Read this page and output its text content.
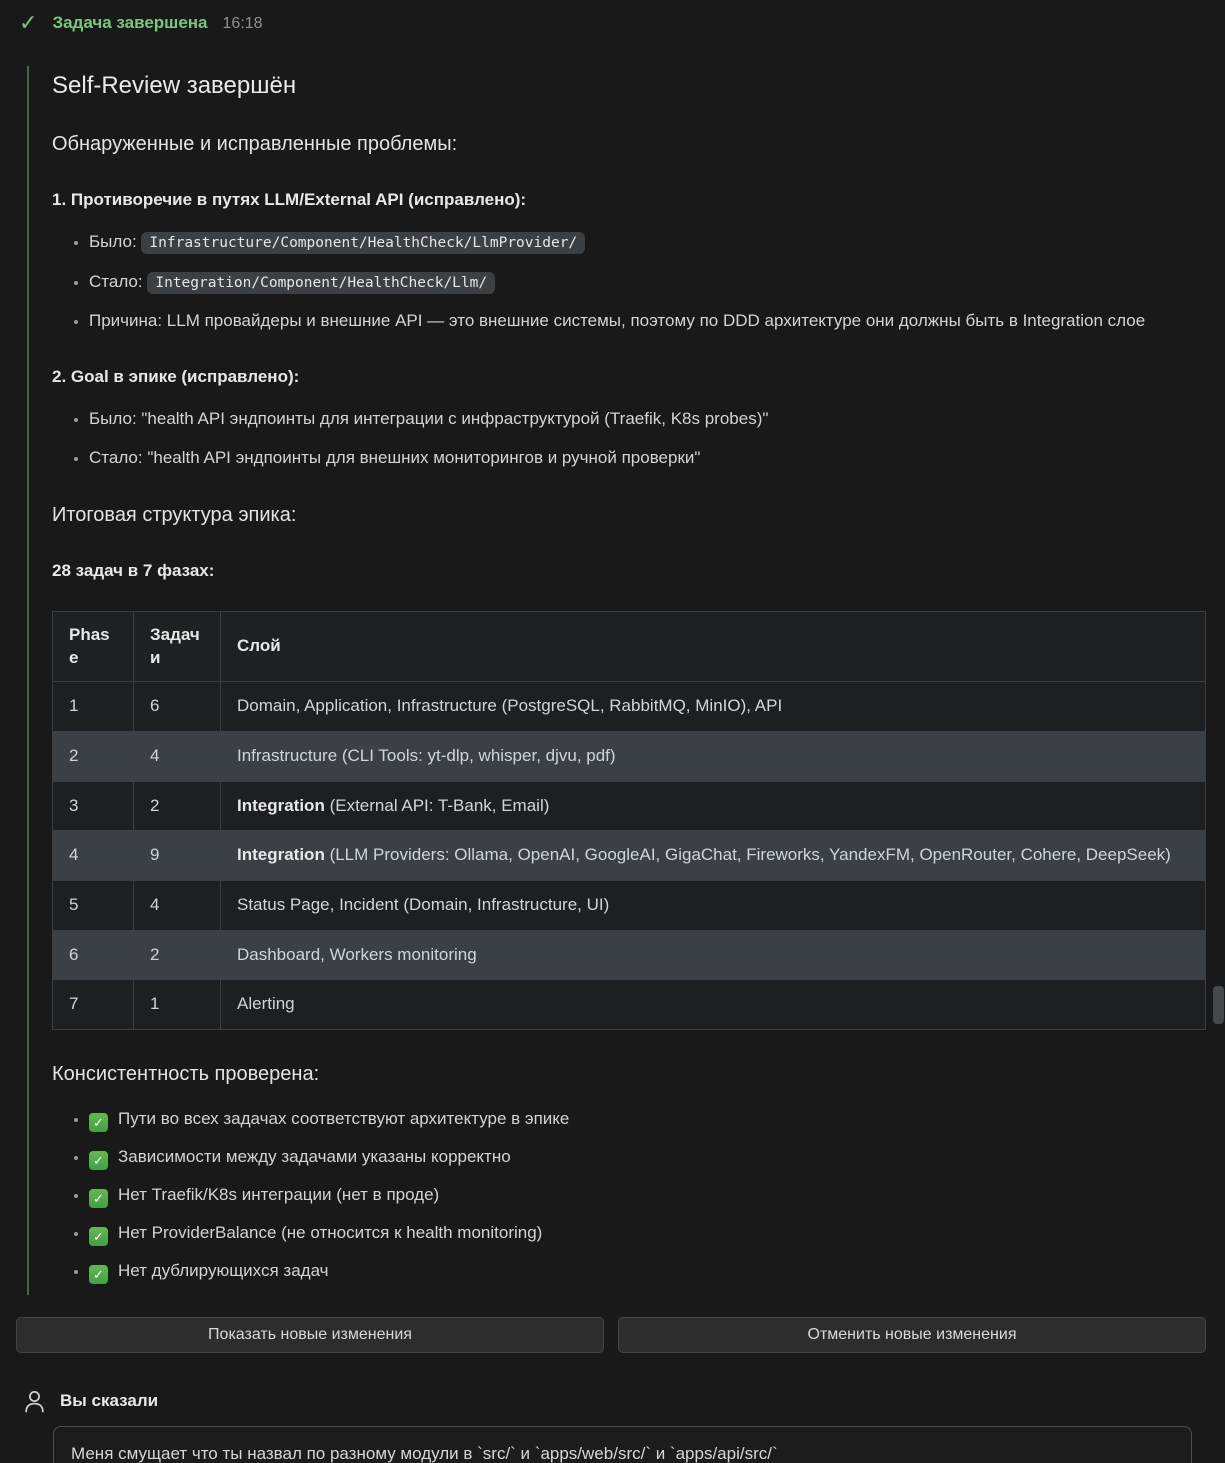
✓ Задача завершена 16:18
Self-Review завершён
Обнаруженные и исправленные проблемы:

1. Противоречие в путях LLM/External API (исправлено):

• Было: Infrastructure/Component/HealthCheck/LlmProvider/
• Стало: Integration/Component/HealthCheck/Llm/
• Причина: LLM провайдеры и внешние API — это внешние системы, поэтому по DDD архитектуре они должны быть в Integration слое

2. Goal в эпике (исправлено):

• Было: "health API эндпоинты для интеграции с инфраструктурой (Traefik, K8s probes)"
• Стало: "health API эндпоинты для внешних мониторингов и ручной проверки"
Итоговая структура эпика:

28 задач в 7 фазах:

Phase	Задачи	Слой
1	6	Domain, Application, Infrastructure (PostgreSQL, RabbitMQ, MinIO), API
2	4	Infrastructure (CLI Tools: yt-dlp, whisper, djvu, pdf)
3	2	Integration (External API: T-Bank, Email)
4	9	Integration (LLM Providers: Ollama, OpenAI, GoogleAI, GigaChat, Fireworks, YandexFM, OpenRouter, Cohere, DeepSeek)
5	4	Status Page, Incident (Domain, Infrastructure, UI)
6	2	Dashboard, Workers monitoring
7	1	Alerting
Консистентность проверена:
• ✓ Пути во всех задачах соответствуют архитектуре в эпике
• ✓ Зависимости между задачами указаны корректно
• ✓ Нет Traefik/K8s интеграции (нет в проде)
• ✓ Нет ProviderBalance (не относится к health monitoring)
• ✓ Нет дублирующихся задач
Показать новые изменения	Отменить новые изменения
Вы сказали
Меня смущает что ты назвал по разному модули в `src/` и `apps/web/src/` и `apps/api/src/`
